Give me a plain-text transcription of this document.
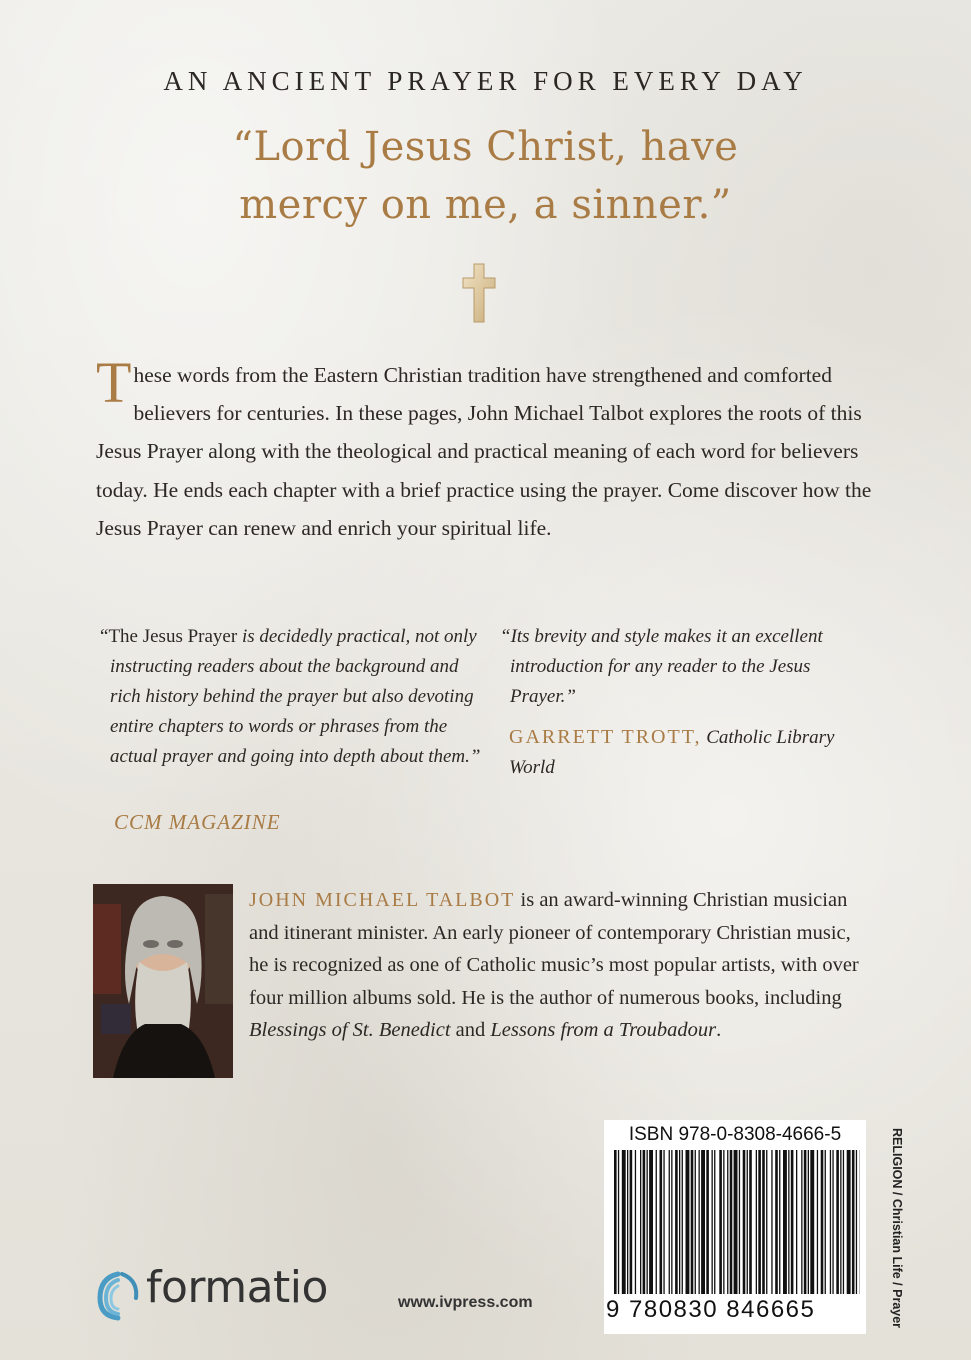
AN ANCIENT PRAYER FOR EVERY DAY
“Lord Jesus Christ, have
mercy on me, a sinner.”
These words from the Eastern Christian tradition have strengthened and comforted believers for centuries. In these pages, John Michael Talbot explores the roots of this Jesus Prayer along with the theological and practical meaning of each word for believers today. He ends each chapter with a brief practice using the prayer. Come discover how the Jesus Prayer can renew and enrich your spiritual life.
“The Jesus Prayer is decidedly practical, not only instructing readers about the background and rich history behind the prayer but also devoting entire chapters to words or phrases from the actual prayer and going into depth about them.”
CCM MAGAZINE
“Its brevity and style makes it an excellent introduction for any reader to the Jesus Prayer.”
GARRETT TROTT, Catholic Library World
JOHN MICHAEL TALBOT is an award-winning Christian musician and itinerant minister. An early pioneer of contemporary Christian music, he is recognized as one of Catholic music’s most popular artists, with over four million albums sold. He is the author of numerous books, including Blessings of St. Benedict and Lessons from a Troubadour.
ISBN 978-0-8308-4666-5
9 780830 846665	RELIGION / Christian Life / Prayer
formatio	www.ivpress.com
